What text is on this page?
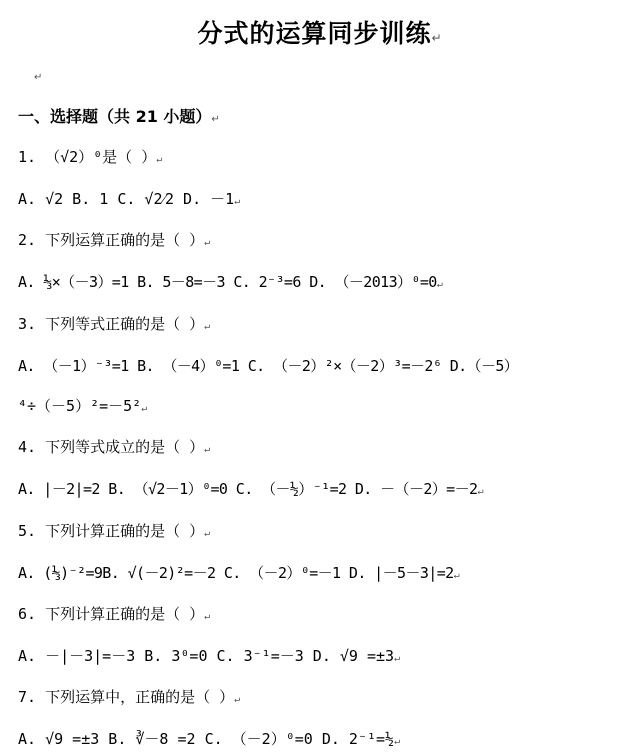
分式的运算同步训练↵
↵
一、选择题（共 21 小题）↵
1. （√2）⁰是（ ）↵
A. √2 B. 1 C. √2⁄2 D. －1↵
2. 下列运算正确的是（ ）↵
A. ⅓×（－3）=1 B. 5－8=－3 C. 2⁻³=6 D. （－2013）⁰=0↵
3. 下列等式正确的是（ ）↵
A. （－1）⁻³=1 B. （－4）⁰=1 C. （－2）²×（－2）³=－2⁶ D.（－5）
⁴÷（－5）²=－5²↵
4. 下列等式成立的是（ ）↵
A. |－2|=2 B. （√2－1）⁰=0 C. （－½）⁻¹=2 D. －（－2）=－2↵
5. 下列计算正确的是（ ）↵
A. (⅓)⁻²=9B. √(－2)²=－2 C. （－2）⁰=－1 D. |－5－3|=2↵
6. 下列计算正确的是（ ）↵
A. －|－3|=－3 B. 3⁰=0 C. 3⁻¹=－3 D. √9 =±3↵
7. 下列运算中，正确的是（ ）↵
A. √9 =±3 B. ∛－8 =2 C. （－2）⁰=0 D. 2⁻¹=½↵
